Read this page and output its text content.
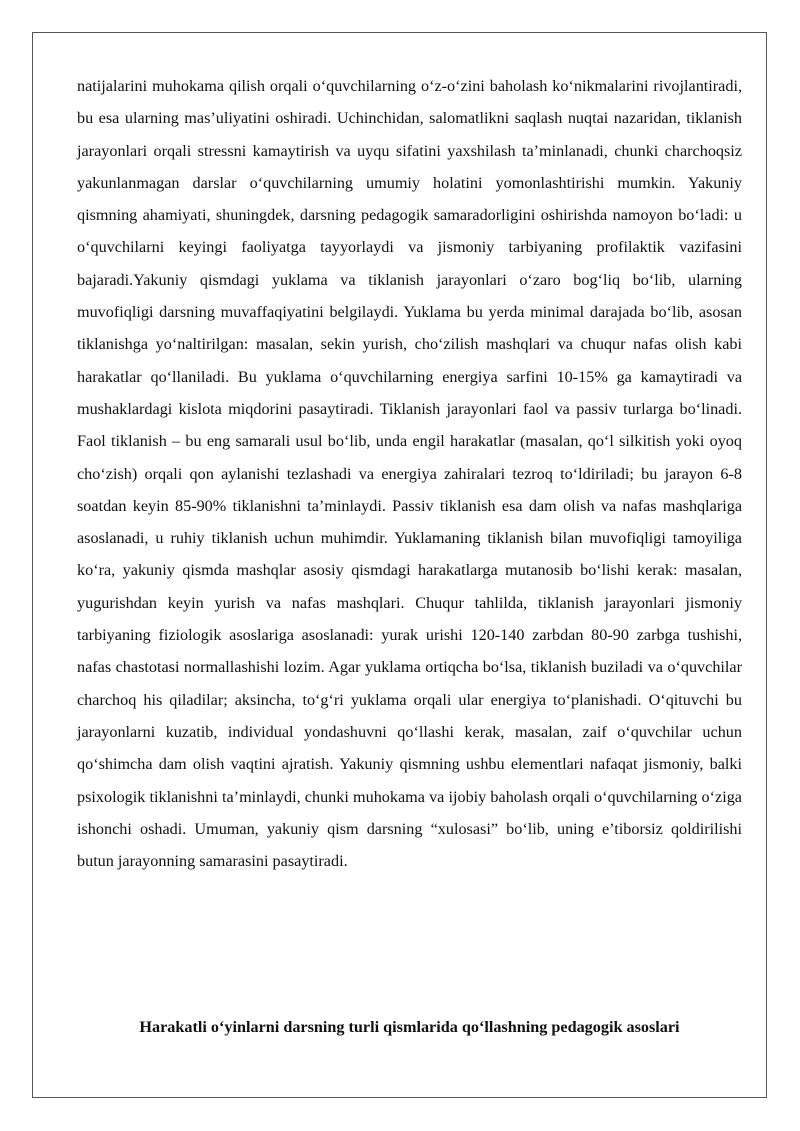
natijalarini muhokama qilish orqali o‘quvchilarning o‘z-o‘zini baholash ko‘nikmalarini rivojlantiradi, bu esa ularning mas’uliyatini oshiradi. Uchinchidan, salomatlikni saqlash nuqtai nazaridan, tiklanish jarayonlari orqali stressni kamaytirish va uyqu sifatini yaxshilash ta’minlanadi, chunki charchoqsiz yakunlanmagan darslar o‘quvchilarning umumiy holatini yomonlashtirishi mumkin. Yakuniy qismning ahamiyati, shuningdek, darsning pedagogik samaradorligini oshirishda namoyon bo‘ladi: u o‘quvchilarni keyingi faoliyatga tayyorlaydi va jismoniy tarbiyaning profilaktik vazifasini bajaradi.Yakuniy qismdagi yuklama va tiklanish jarayonlari o‘zaro bog‘liq bo‘lib, ularning muvofiqligi darsning muvaffaqiyatini belgilaydi. Yuklama bu yerda minimal darajada bo‘lib, asosan tiklanishga yo‘naltirilgan: masalan, sekin yurish, cho‘zilish mashqlari va chuqur nafas olish kabi harakatlar qo‘llaniladi. Bu yuklama o‘quvchilarning energiya sarfini 10-15% ga kamaytiradi va mushaklardagi kislota miqdorini pasaytiradi. Tiklanish jarayonlari faol va passiv turlarga bo‘linadi. Faol tiklanish – bu eng samarali usul bo‘lib, unda engil harakatlar (masalan, qo‘l silkitish yoki oyoq cho‘zish) orqali qon aylanishi tezlashadi va energiya zahiralari tezroq to‘ldiriladi; bu jarayon 6-8 soatdan keyin 85-90% tiklanishni ta’minlaydi. Passiv tiklanish esa dam olish va nafas mashqlariga asoslanadi, u ruhiy tiklanish uchun muhimdir. Yuklamaning tiklanish bilan muvofiqligi tamoyiliga ko‘ra, yakuniy qismda mashqlar asosiy qismdagi harakatlarga mutanosib bo‘lishi kerak: masalan, yugurishdan keyin yurish va nafas mashqlari. Chuqur tahlilda, tiklanish jarayonlari jismoniy tarbiyaning fiziologik asoslariga asoslanadi: yurak urishi 120-140 zarbdan 80-90 zarbga tushishi, nafas chastotasi normallashishi lozim. Agar yuklama ortiqcha bo‘lsa, tiklanish buziladi va o‘quvchilar charchoq his qiladilar; aksincha, to‘g‘ri yuklama orqali ular energiya to‘planishadi. O‘qituvchi bu jarayonlarni kuzatib, individual yondashuvni qo‘llashi kerak, masalan, zaif o‘quvchilar uchun qo‘shimcha dam olish vaqtini ajratish. Yakuniy qismning ushbu elementlari nafaqat jismoniy, balki psixologik tiklanishni ta’minlaydi, chunki muhokama va ijobiy baholash orqali o‘quvchilarning o‘ziga ishonchi oshadi. Umuman, yakuniy qism darsning “xulosasi” bo‘lib, uning e’tiborsiz qoldirilishi butun jarayonning samarasini pasaytiradi.

Harakatli o‘yinlarni darsning turli qismlarida qo‘llashning pedagogik asoslari
